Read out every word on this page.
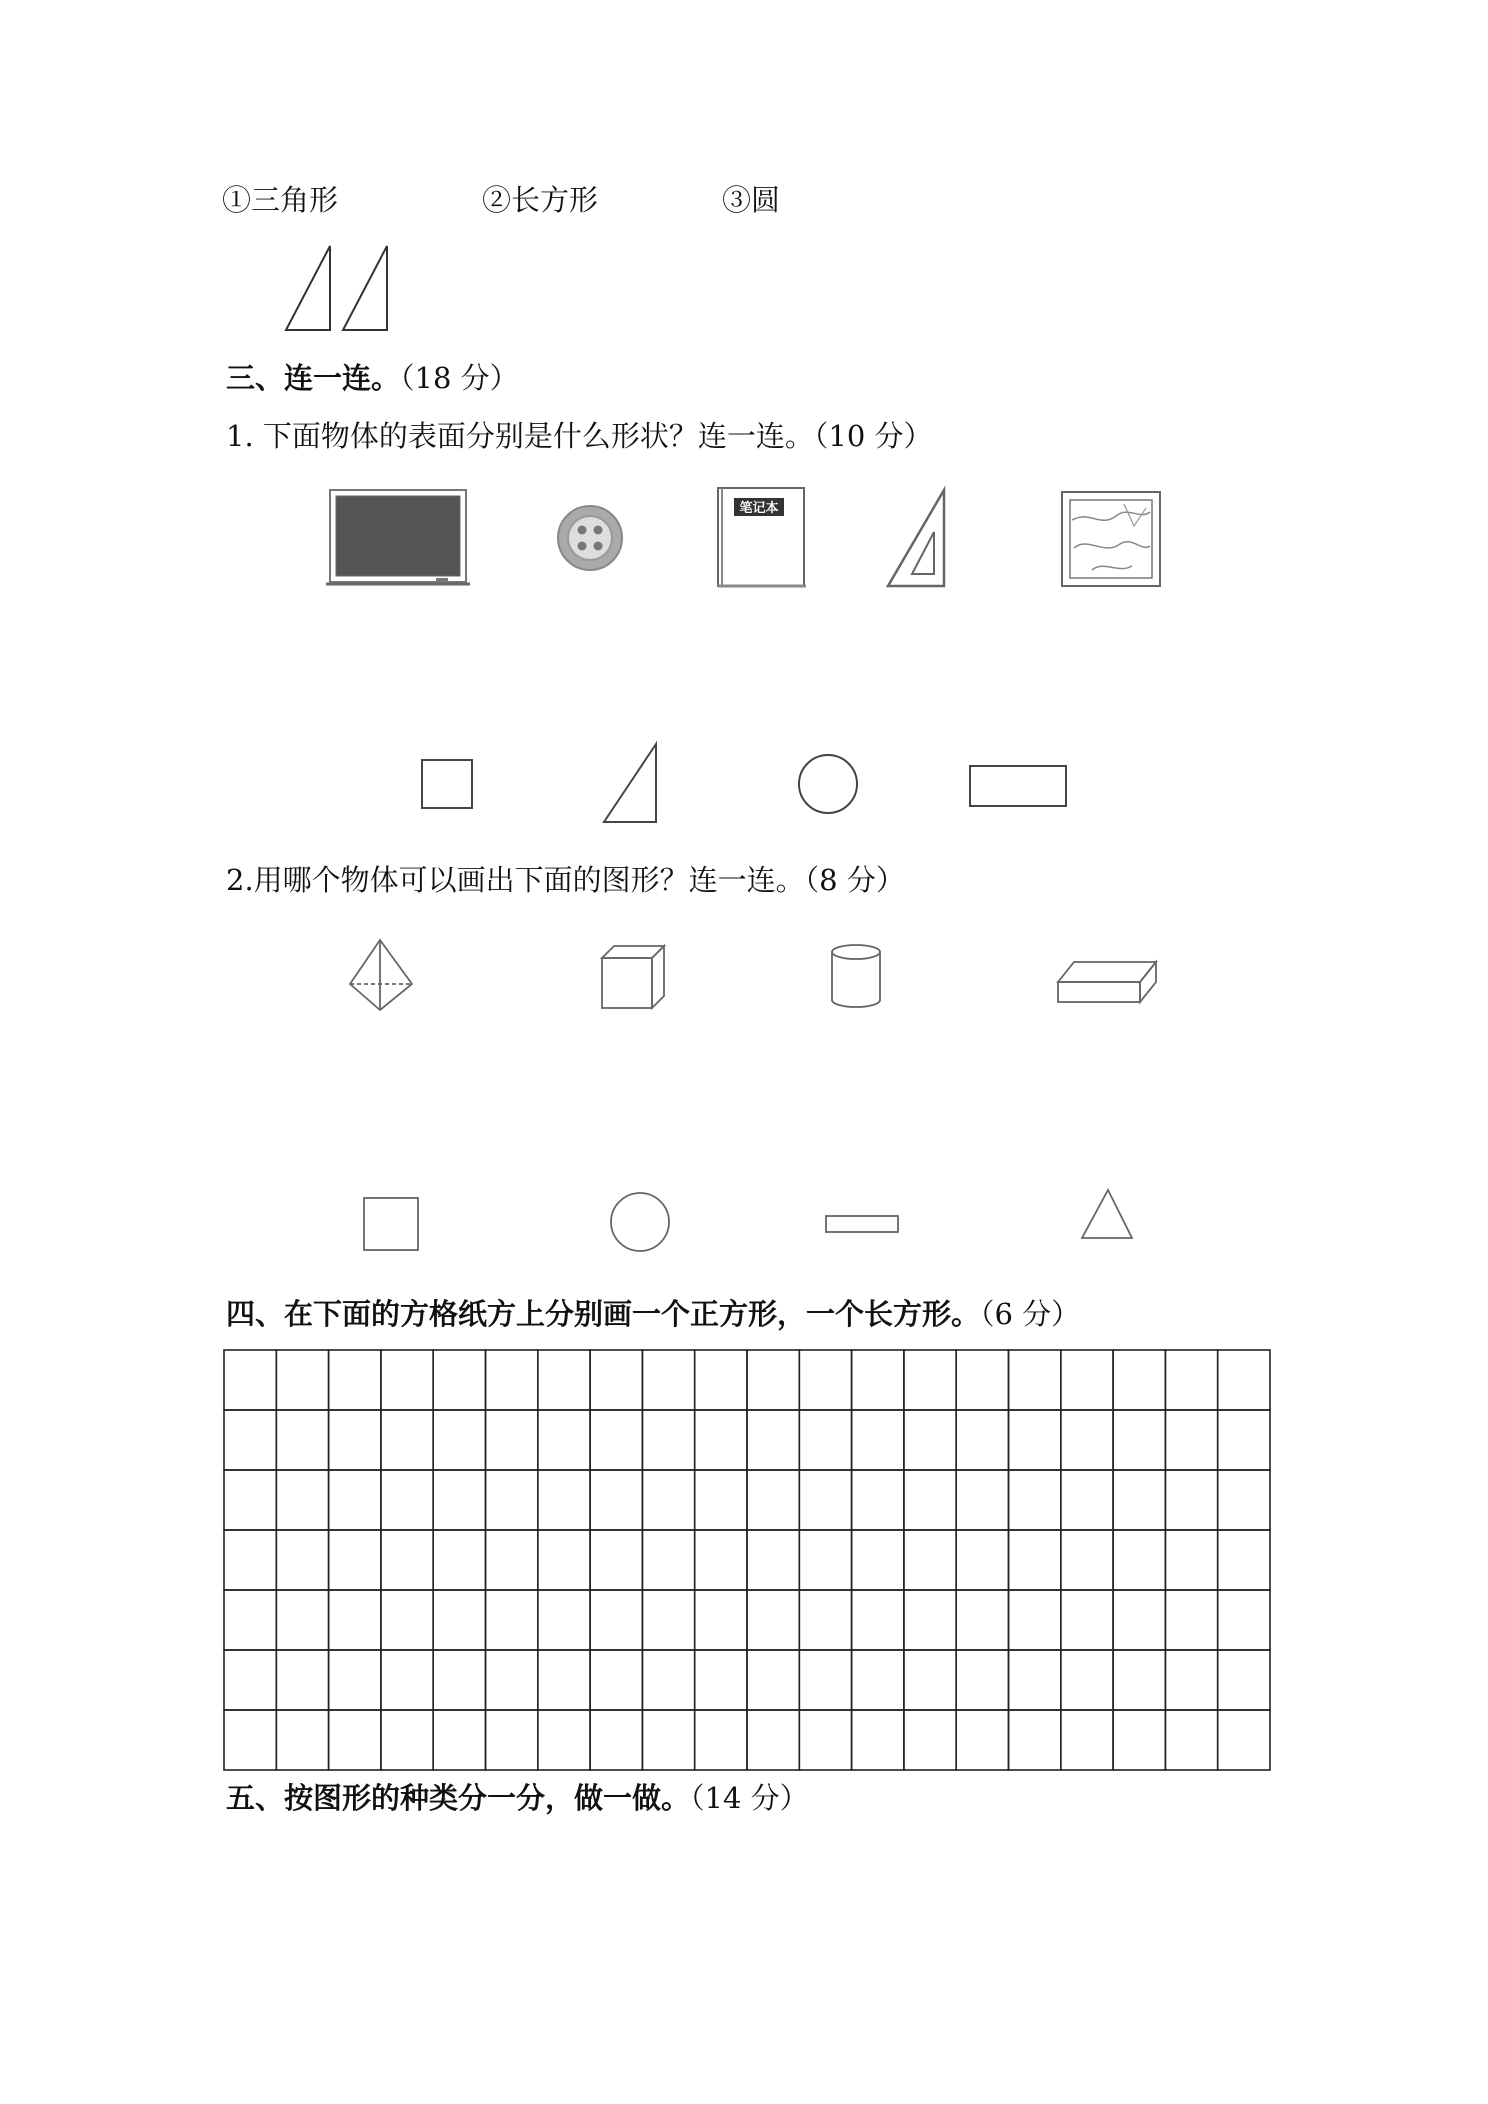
①三角形	②长方形	③圆
三、连一连。（18 分）
1. 下面物体的表面分别是什么形状？连一连。（10 分）
2.用哪个物体可以画出下面的图形？连一连。（8 分）
四、在下面的方格纸方上分别画一个正方形，一个长方形。（6 分）
五、按图形的种类分一分，做一做。（14 分）
笔记本
